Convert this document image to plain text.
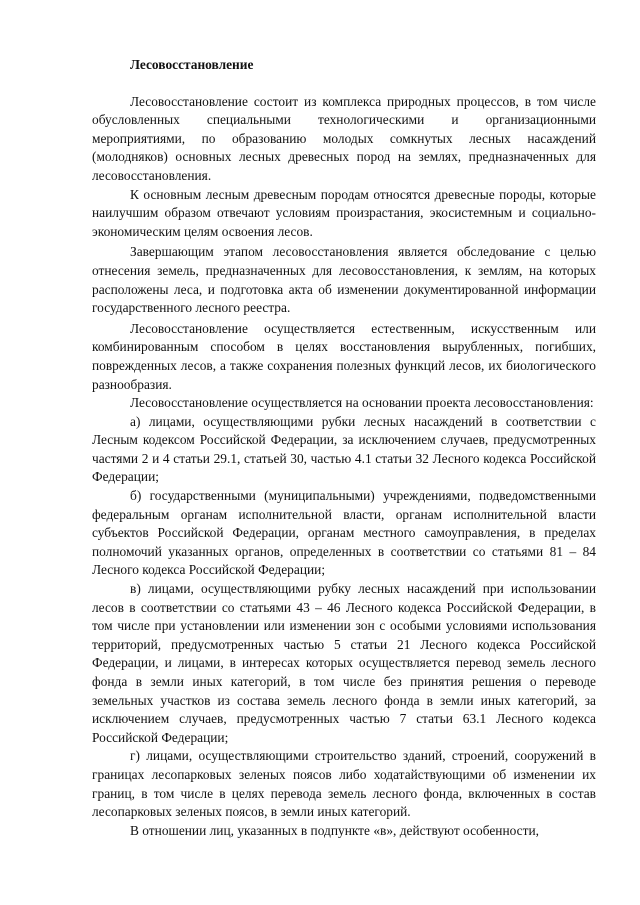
Лесовосстановление

Лесовосстановление состоит из комплекса природных процессов, в том числе обусловленных специальными технологическими и организационными мероприятиями, по образованию молодых сомкнутых лесных насаждений (молодняков) основных лесных древесных пород на землях, предназначенных для лесовосстановления.

К основным лесным древесным породам относятся древесные породы, которые наилучшим образом отвечают условиям произрастания, экосистемным и социально-экономическим целям освоения лесов.

Завершающим этапом лесовосстановления является обследование с целью отнесения земель, предназначенных для лесовосстановления, к землям, на которых расположены леса, и подготовка акта об изменении документированной информации государственного лесного реестра.

Лесовосстановление осуществляется естественным, искусственным или комбинированным способом в целях восстановления вырубленных, погибших, поврежденных лесов, а также сохранения полезных функций лесов, их биологического разнообразия.

Лесовосстановление осуществляется на основании проекта лесовосстановления:

а) лицами, осуществляющими рубки лесных насаждений в соответствии с Лесным кодексом Российской Федерации, за исключением случаев, предусмотренных частями 2 и 4 статьи 29.1, статьей 30, частью 4.1 статьи 32 Лесного кодекса Российской Федерации;

б) государственными (муниципальными) учреждениями, подведомственными федеральным органам исполнительной власти, органам исполнительной власти субъектов Российской Федерации, органам местного самоуправления, в пределах полномочий указанных органов, определенных в соответствии со статьями 81 – 84 Лесного кодекса Российской Федерации;

в) лицами, осуществляющими рубку лесных насаждений при использовании лесов в соответствии со статьями 43 – 46 Лесного кодекса Российской Федерации, в том числе при установлении или изменении зон с особыми условиями использования территорий, предусмотренных частью 5 статьи 21 Лесного кодекса Российской Федерации, и лицами, в интересах которых осуществляется перевод земель лесного фонда в земли иных категорий, в том числе без принятия решения о переводе земельных участков из состава земель лесного фонда в земли иных категорий, за исключением случаев, предусмотренных частью 7 статьи 63.1 Лесного кодекса Российской Федерации;

г) лицами, осуществляющими строительство зданий, строений, сооружений в границах лесопарковых зеленых поясов либо ходатайствующими об изменении их границ, в том числе в целях перевода земель лесного фонда, включенных в состав лесопарковых зеленых поясов, в земли иных категорий.

В отношении лиц, указанных в подпункте «в», действуют особенности,
